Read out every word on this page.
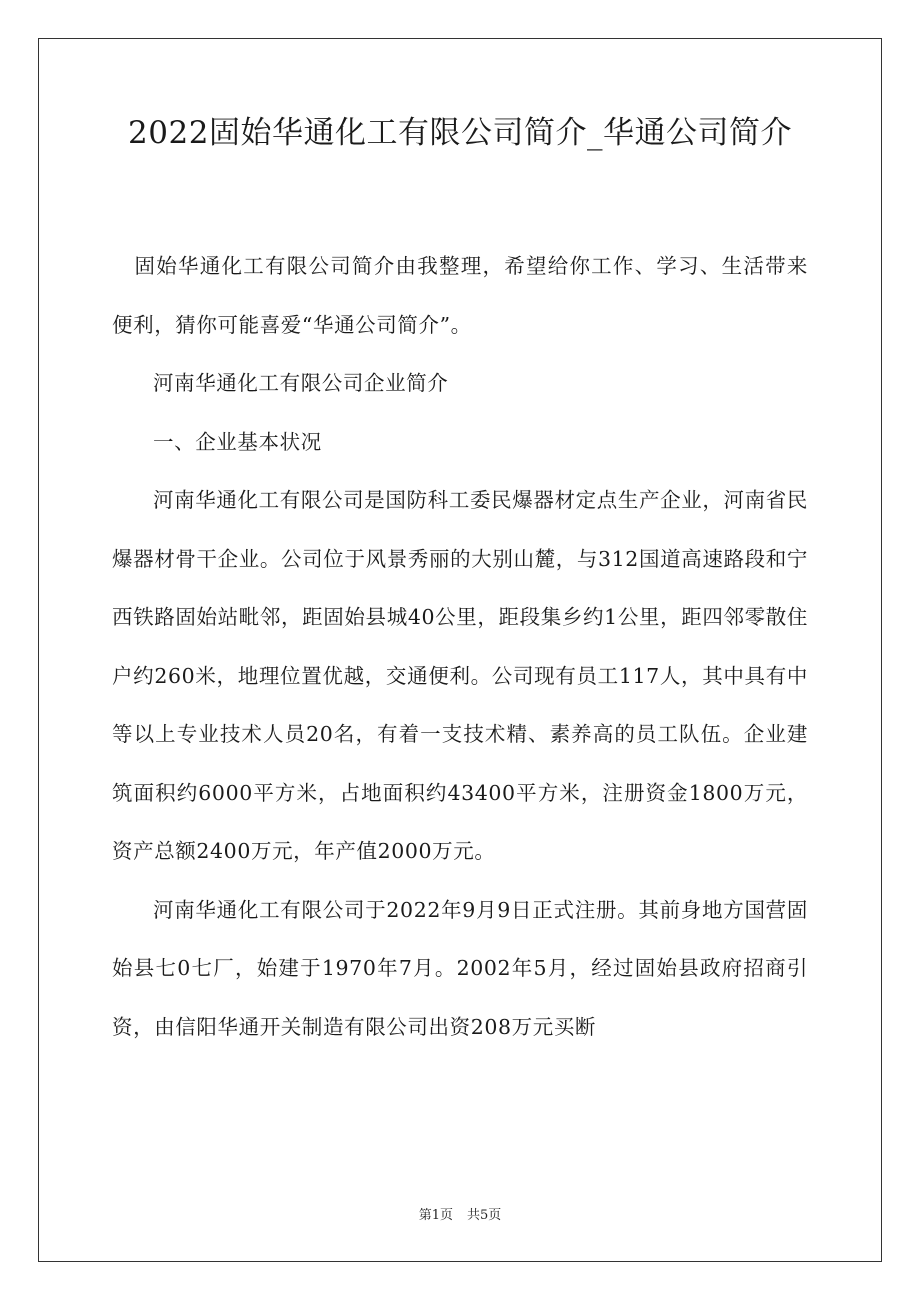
2022固始华通化工有限公司简介_华通公司简介

固始华通化工有限公司简介由我整理，希望给你工作、学习、生活带来便利，猜你可能喜爱“华通公司简介”。

河南华通化工有限公司企业简介

一、企业基本状况

河南华通化工有限公司是国防科工委民爆器材定点生产企业，河南省民爆器材骨干企业。公司位于风景秀丽的大别山麓，与312国道高速路段和宁西铁路固始站毗邻，距固始县城40公里，距段集乡约1公里，距四邻零散住户约260米，地理位置优越，交通便利。公司现有员工117人，其中具有中等以上专业技术人员20名，有着一支技术精、素养高的员工队伍。企业建筑面积约6000平方米，占地面积约43400平方米，注册资金1800万元，资产总额2400万元，年产值2000万元。

河南华通化工有限公司于2022年9月9日正式注册。其前身地方国营固始县七0七厂，始建于1970年7月。2002年5月，经过固始县政府招商引资，由信阳华通开关制造有限公司出资208万元买断

第1页 共5页
